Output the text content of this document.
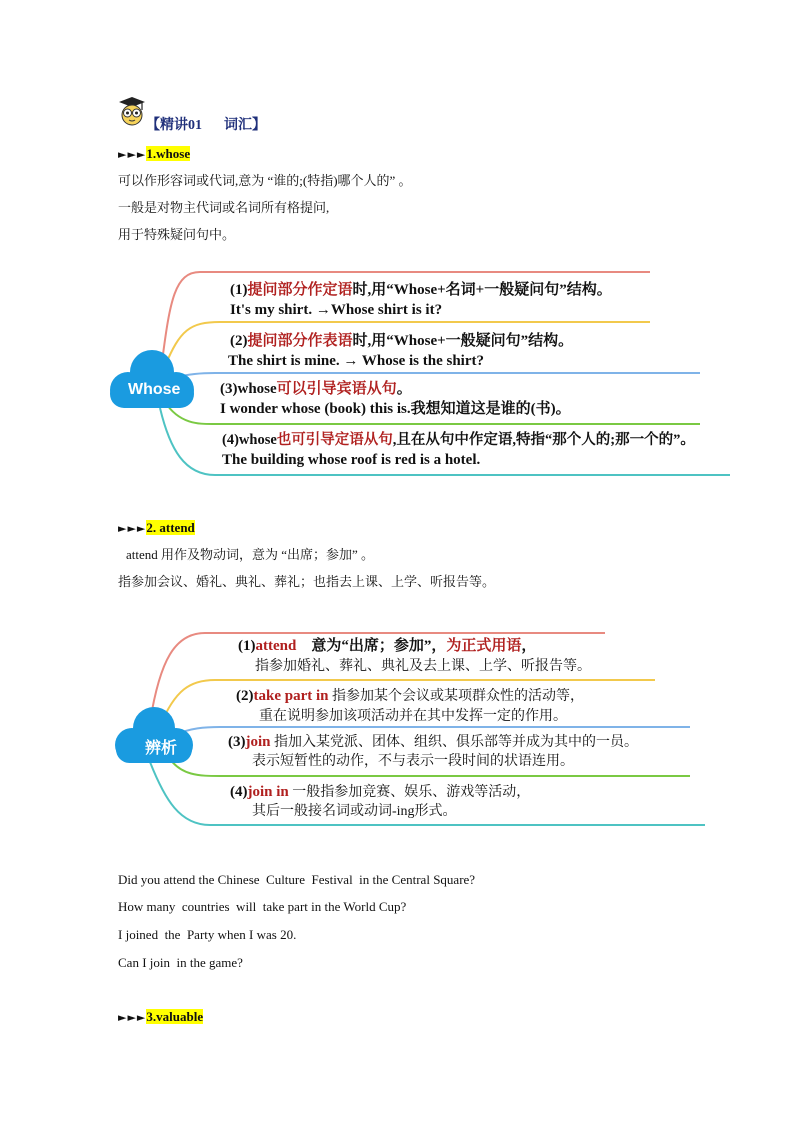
【精讲01 词汇】
►►►1.whose
可以作形容词或代词,意为 “谁的;(特指)哪个人的” 。
一般是对物主代词或名词所有格提问,
用于特殊疑问句中。
Whose
(1)提问部分作定语时,用“Whose+名词+一般疑问句”结构。
It's my shirt. →Whose shirt is it?
(2)提问部分作表语时,用“Whose+一般疑问句”结构。
The shirt is mine. → Whose is the shirt?
(3)whose可以引导宾语从句。
I wonder whose (book) this is.我想知道这是谁的(书)。
(4)whose也可引导定语从句,且在从句中作定语,特指“那个人的;那一个的”。
The building whose roof is red is a hotel.
►►►2. attend
attend 用作及物动词，意为 “出席；参加” 。
指参加会议、婚礼、典礼、葬礼；也指去上课、上学、听报告等。
辨析
(1)attend　意为“出席；参加”，为正式用语，
指参加婚礼、葬礼、典礼及去上课、上学、听报告等。
(2)take part in 指参加某个会议或某项群众性的活动等，
重在说明参加该项活动并在其中发挥一定的作用。
(3)join 指加入某党派、团体、组织、俱乐部等并成为其中的一员。
表示短暂性的动作，不与表示一段时间的状语连用。
(4)join in 一般指参加竞赛、娱乐、游戏等活动，
其后一般接名词或动词-ing形式。
Did you attend the Chinese  Culture  Festival  in the Central Square?
How many  countries  will  take part in the World Cup?
I joined  the  Party when I was 20.
Can I join  in the game?
►►►3.valuable
